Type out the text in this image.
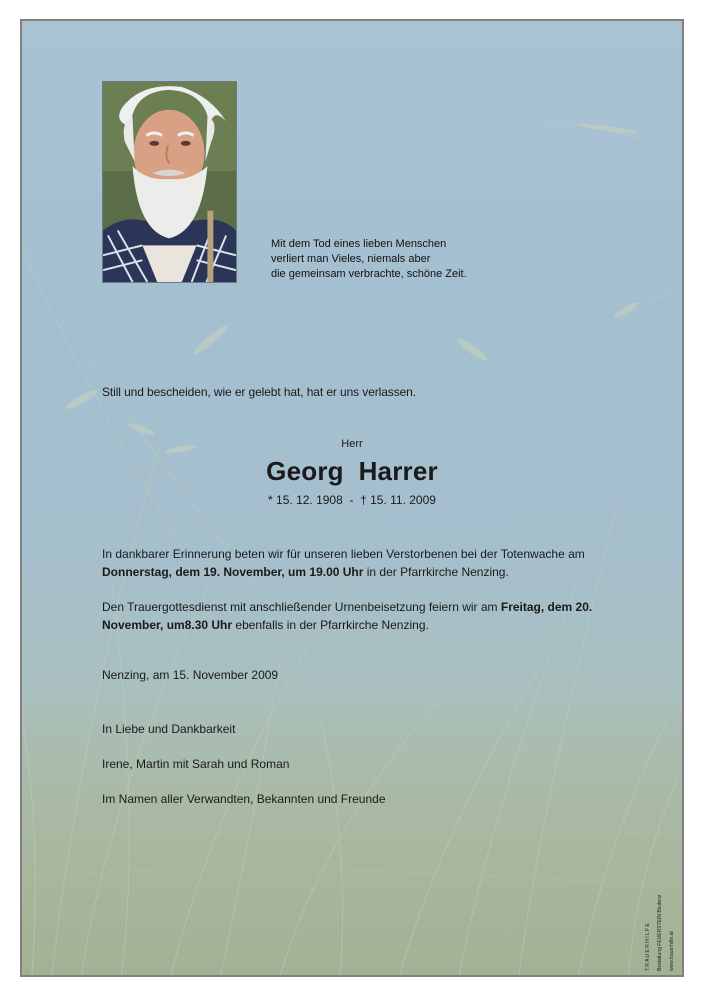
Mit dem Tod eines lieben Menschen
verliert man Vieles, niemals aber
die gemeinsam verbrachte, schöne Zeit.
Still und bescheiden, wie er gelebt hat, hat er uns verlassen.
Herr
Georg  Harrer
* 15. 12. 1908  -  † 15. 11. 2009
In dankbarer Erinnerung beten wir für unseren lieben Verstorbenen bei der Totenwache am Donnerstag, dem 19. November, um 19.00 Uhr in der Pfarrkirche Nenzing.
Den Trauergottesdienst mit anschließender Urnenbeisetzung feiern wir am Freitag, dem 20. November, um8.30 Uhr ebenfalls in der Pfarrkirche Nenzing.
Nenzing, am 15. November 2009
In Liebe und Dankbarkeit
Irene, Martin mit Sarah und Roman
Im Namen aller Verwandten, Bekannten und Freunde
T R A U E R H I L F E Bestattung FEUERSTEIN Bludenz www.trauerhilfe.at
